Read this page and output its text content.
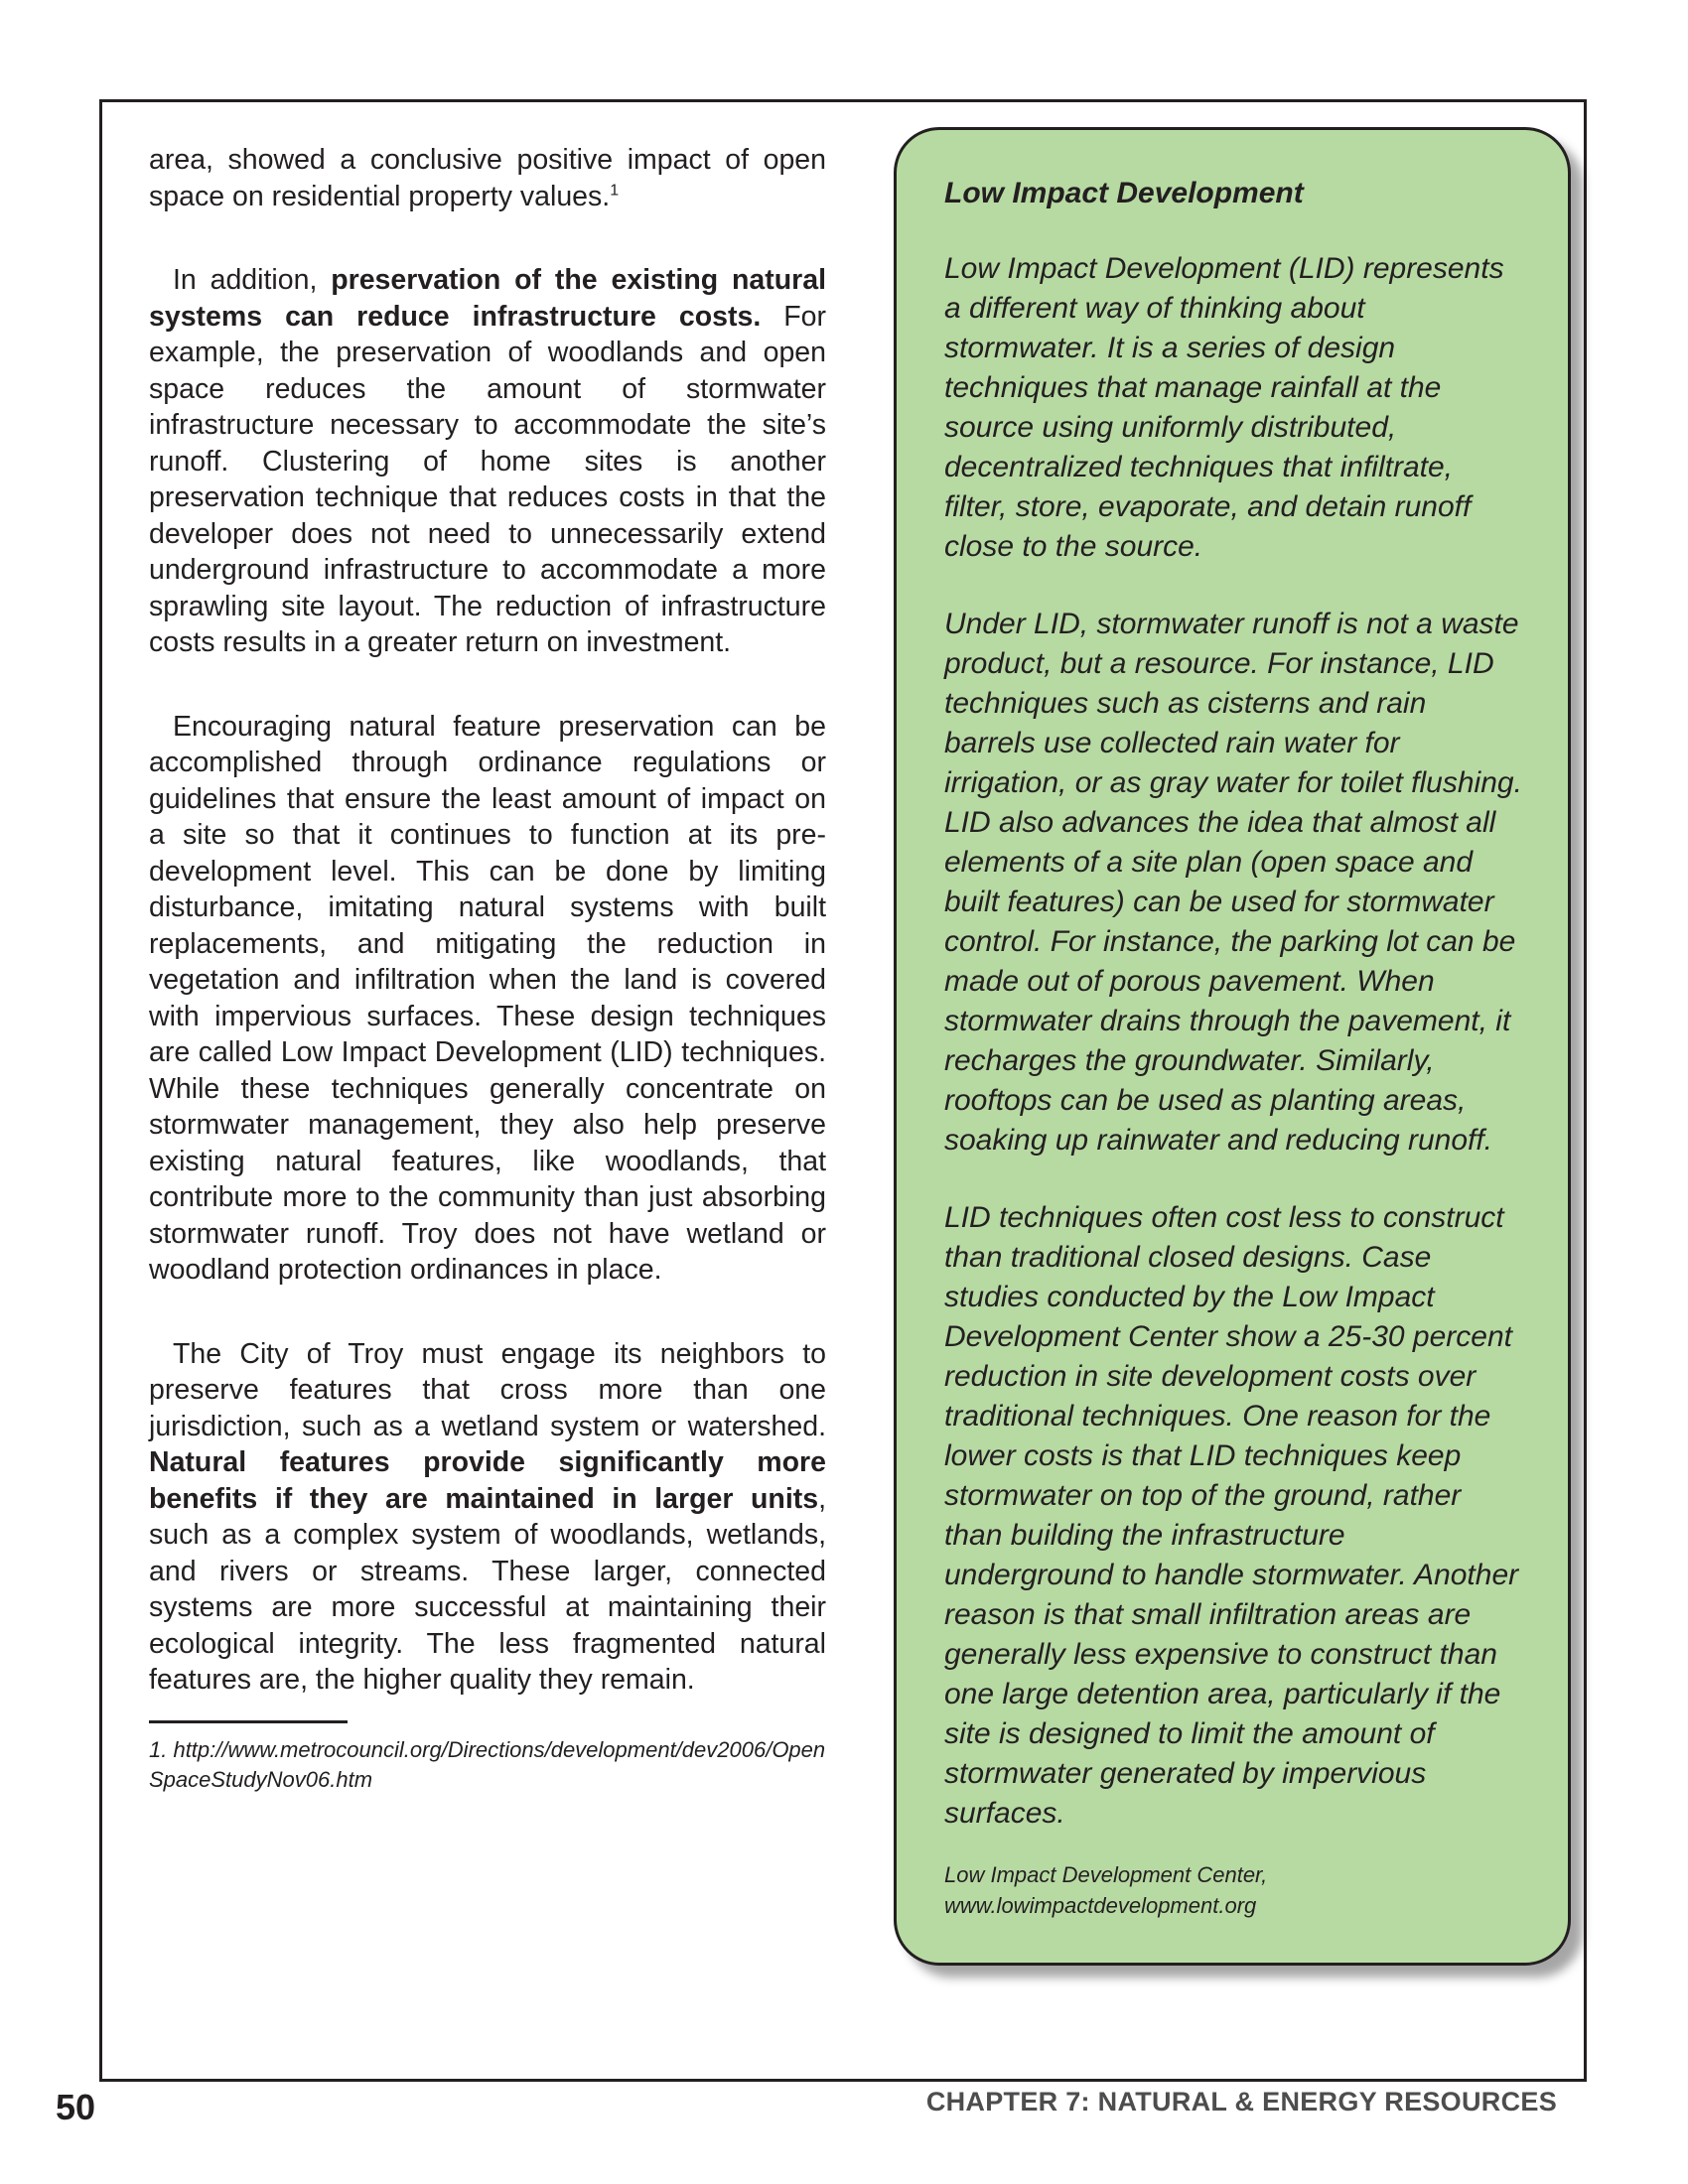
area, showed a conclusive positive impact of open space on residential property values.$^1$

In addition, preservation of the existing natural systems can reduce infrastructure costs. For example, the preservation of woodlands and open space reduces the amount of stormwater infrastructure necessary to accommodate the site’s runoff. Clustering of home sites is another preservation technique that reduces costs in that the developer does not need to unnecessarily extend underground infrastructure to accommodate a more sprawling site layout. The reduction of infrastructure costs results in a greater return on investment.

Encouraging natural feature preservation can be accomplished through ordinance regulations or guidelines that ensure the least amount of impact on a site so that it continues to function at its pre-development level. This can be done by limiting disturbance, imitating natural systems with built replacements, and mitigating the reduction in vegetation and infiltration when the land is covered with impervious surfaces. These design techniques are called Low Impact Development (LID) techniques. While these techniques generally concentrate on stormwater management, they also help preserve existing natural features, like woodlands, that contribute more to the community than just absorbing stormwater runoff. Troy does not have wetland or woodland protection ordinances in place.

The City of Troy must engage its neighbors to preserve features that cross more than one jurisdiction, such as a wetland system or watershed. Natural features provide significantly more benefits if they are maintained in larger units, such as a complex system of woodlands, wetlands, and rivers or streams. These larger, connected systems are more successful at maintaining their ecological integrity. The less fragmented natural features are, the higher quality they remain.

1. http://www.metrocouncil.org/Directions/development/dev2006/OpenSpaceStudyNov06.htm
Low Impact Development

Low Impact Development (LID) represents a different way of thinking about stormwater. It is a series of design techniques that manage rainfall at the source using uniformly distributed, decentralized techniques that infiltrate, filter, store, evaporate, and detain runoff close to the source.

Under LID, stormwater runoff is not a waste product, but a resource. For instance, LID techniques such as cisterns and rain barrels use collected rain water for irrigation, or as gray water for toilet flushing. LID also advances the idea that almost all elements of a site plan (open space and built features) can be used for stormwater control. For instance, the parking lot can be made out of porous pavement. When stormwater drains through the pavement, it recharges the groundwater. Similarly, rooftops can be used as planting areas, soaking up rainwater and reducing runoff.

LID techniques often cost less to construct than traditional closed designs. Case studies conducted by the Low Impact Development Center show a 25-30 percent reduction in site development costs over traditional techniques. One reason for the lower costs is that LID techniques keep stormwater on top of the ground, rather than building the infrastructure underground to handle stormwater. Another reason is that small infiltration areas are generally less expensive to construct than one large detention area, particularly if the site is designed to limit the amount of stormwater generated by impervious surfaces.

Low Impact Development Center, www.lowimpactdevelopment.org

50	CHAPTER 7: NATURAL & ENERGY RESOURCES
